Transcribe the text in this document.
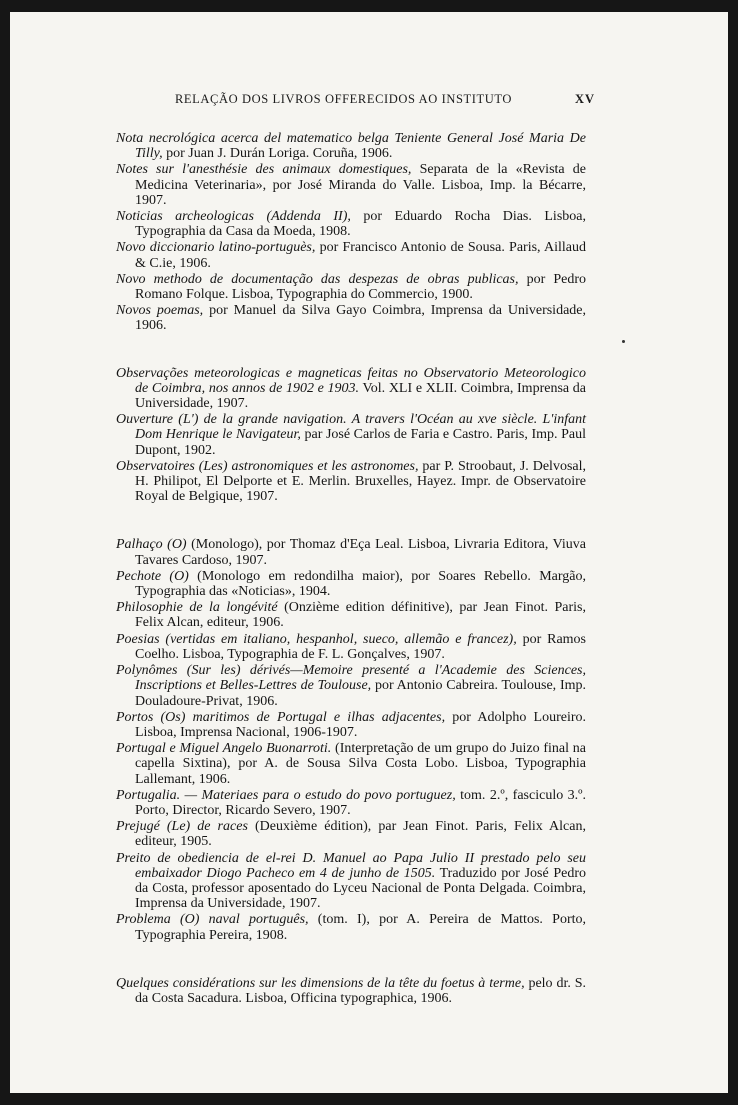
RELAÇÃO DOS LIVROS OFFERECIDOS AO INSTITUTO	XV

Nota necrológica acerca del matematico belga Teniente General José Maria De Tilly, por Juan J. Durán Loriga. Coruña, 1906.

Notes sur l'anesthésie des animaux domestiques, Separata de la «Revista de Medicina Veterinaria», por José Miranda do Valle. Lisboa, Imp. la Bécarre, 1907.

Noticias archeologicas (Addenda II), por Eduardo Rocha Dias. Lisboa, Typographia da Casa da Moeda, 1908.

Novo diccionario latino-portuguès, por Francisco Antonio de Sousa. Paris, Aillaud & C.ie, 1906.

Novo methodo de documentação das despezas de obras publicas, por Pedro Romano Folque. Lisboa, Typographia do Commercio, 1900.

Novos poemas, por Manuel da Silva Gayo Coimbra, Imprensa da Universidade, 1906.

Observações meteorologicas e magneticas feitas no Observatorio Meteorologico de Coimbra, nos annos de 1902 e 1903. Vol. XLI e XLII. Coimbra, Imprensa da Universidade, 1907.

Ouverture (L') de la grande navigation. A travers l'Océan au xve siècle. L'infant Dom Henrique le Navigateur, par José Carlos de Faria e Castro. Paris, Imp. Paul Dupont, 1902.

Observatoires (Les) astronomiques et les astronomes, par P. Stroobaut, J. Delvosal, H. Philipot, El Delporte et E. Merlin. Bruxelles, Hayez. Impr. de Observatoire Royal de Belgique, 1907.

Palhaço (O) (Monologo), por Thomaz d'Eça Leal. Lisboa, Livraria Editora, Viuva Tavares Cardoso, 1907.

Pechote (O) (Monologo em redondilha maior), por Soares Rebello. Margão, Typographia das «Noticias», 1904.

Philosophie de la longévité (Onzième edition définitive), par Jean Finot. Paris, Felix Alcan, editeur, 1906.

Poesias (vertidas em italiano, hespanhol, sueco, allemão e francez), por Ramos Coelho. Lisboa, Typographia de F. L. Gonçalves, 1907.

Polynômes (Sur les) dérivés—Memoire presenté a l'Academie des Sciences, Inscriptions et Belles-Lettres de Toulouse, por Antonio Cabreira. Toulouse, Imp. Douladoure-Privat, 1906.

Portos (Os) maritimos de Portugal e ilhas adjacentes, por Adolpho Loureiro. Lisboa, Imprensa Nacional, 1906-1907.

Portugal e Miguel Angelo Buonarroti. (Interpretação de um grupo do Juizo final na capella Sixtina), por A. de Sousa Silva Costa Lobo. Lisboa, Typographia Lallemant, 1906.

Portugalia. — Materiaes para o estudo do povo portuguez, tom. 2.º, fasciculo 3.º. Porto, Director, Ricardo Severo, 1907.

Prejugé (Le) de races (Deuxième édition), par Jean Finot. Paris, Felix Alcan, editeur, 1905.

Preito de obediencia de el-rei D. Manuel ao Papa Julio II prestado pelo seu embaixador Diogo Pacheco em 4 de junho de 1505. Traduzido por José Pedro da Costa, professor aposentado do Lyceu Nacional de Ponta Delgada. Coimbra, Imprensa da Universidade, 1907.

Problema (O) naval português, (tom. I), por A. Pereira de Mattos. Porto, Typographia Pereira, 1908.

Quelques considérations sur les dimensions de la tête du foetus à terme, pelo dr. S. da Costa Sacadura. Lisboa, Officina typographica, 1906.
